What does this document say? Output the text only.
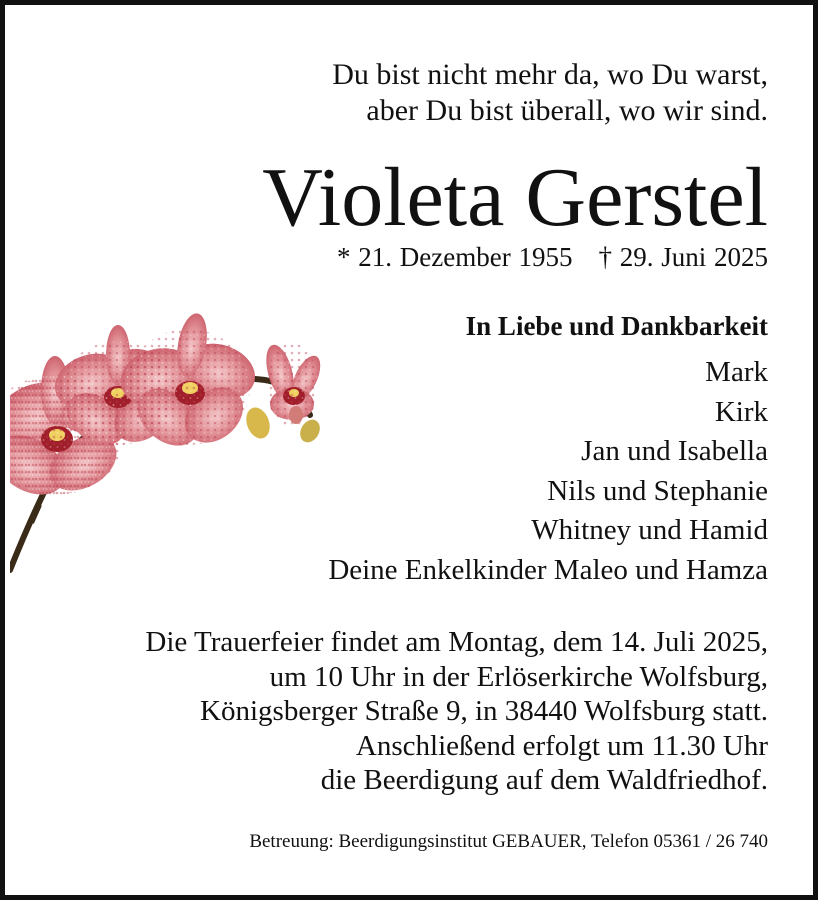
Du bist nicht mehr da, wo Du warst,
aber Du bist überall, wo wir sind.
Violeta Gerstel
* 21. Dezember 1955 † 29. Juni 2025
In Liebe und Dankbarkeit
Mark
Kirk
Jan und Isabella
Nils und Stephanie
Whitney und Hamid
Deine Enkelkinder Maleo und Hamza
Die Trauerfeier findet am Montag, dem 14. Juli 2025,
um 10 Uhr in der Erlöserkirche Wolfsburg,
Königsberger Straße 9, in 38440 Wolfsburg statt.
Anschließend erfolgt um 11.30 Uhr
die Beerdigung auf dem Waldfriedhof.
Betreuung: Beerdigungsinstitut GEBAUER, Telefon 05361 / 26 740
